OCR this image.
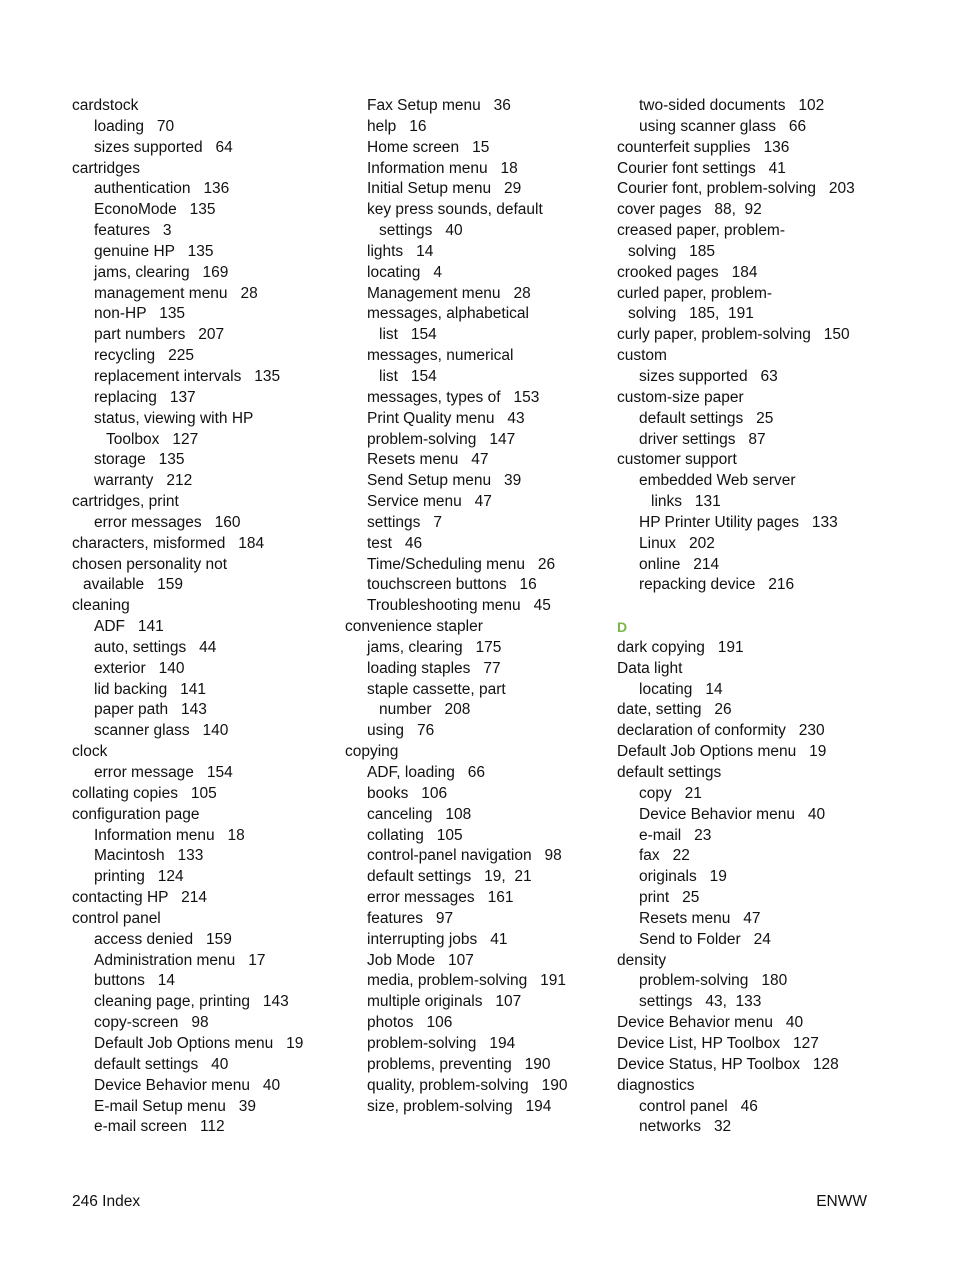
cardstock
loading   70
sizes supported   64
cartridges
authentication   136
EconoMode   135
features   3
genuine HP   135
jams, clearing   169
management menu   28
non-HP   135
part numbers   207
recycling   225
replacement intervals   135
replacing   137
status, viewing with HP
Toolbox   127
storage   135
warranty   212
cartridges, print
error messages   160
characters, misformed   184
chosen personality not
available   159
cleaning
ADF   141
auto, settings   44
exterior   140
lid backing   141
paper path   143
scanner glass   140
clock
error message   154
collating copies   105
configuration page
Information menu   18
Macintosh   133
printing   124
contacting HP   214
control panel
access denied   159
Administration menu   17
buttons   14
cleaning page, printing   143
copy-screen   98
Default Job Options menu   19
default settings   40
Device Behavior menu   40
E-mail Setup menu   39
e-mail screen   112
Fax Setup menu   36
help   16
Home screen   15
Information menu   18
Initial Setup menu   29
key press sounds, default
settings   40
lights   14
locating   4
Management menu   28
messages, alphabetical
list   154
messages, numerical
list   154
messages, types of   153
Print Quality menu   43
problem-solving   147
Resets menu   47
Send Setup menu   39
Service menu   47
settings   7
test   46
Time/Scheduling menu   26
touchscreen buttons   16
Troubleshooting menu   45
convenience stapler
jams, clearing   175
loading staples   77
staple cassette, part
number   208
using   76
copying
ADF, loading   66
books   106
canceling   108
collating   105
control-panel navigation   98
default settings   19,  21
error messages   161
features   97
interrupting jobs   41
Job Mode   107
media, problem-solving   191
multiple originals   107
photos   106
problem-solving   194
problems, preventing   190
quality, problem-solving   190
size, problem-solving   194
two-sided documents   102
using scanner glass   66
counterfeit supplies   136
Courier font settings   41
Courier font, problem-solving   203
cover pages   88,  92
creased paper, problem-
solving   185
crooked pages   184
curled paper, problem-
solving   185,  191
curly paper, problem-solving   150
custom
sizes supported   63
custom-size paper
default settings   25
driver settings   87
customer support
embedded Web server
links   131
HP Printer Utility pages   133
Linux   202
online   214
repacking device   216
D
dark copying   191
Data light
locating   14
date, setting   26
declaration of conformity   230
Default Job Options menu   19
default settings
copy   21
Device Behavior menu   40
e-mail   23
fax   22
originals   19
print   25
Resets menu   47
Send to Folder   24
density
problem-solving   180
settings   43,  133
Device Behavior menu   40
Device List, HP Toolbox   127
Device Status, HP Toolbox   128
diagnostics
control panel   46
networks   32
246 Index	ENWW
